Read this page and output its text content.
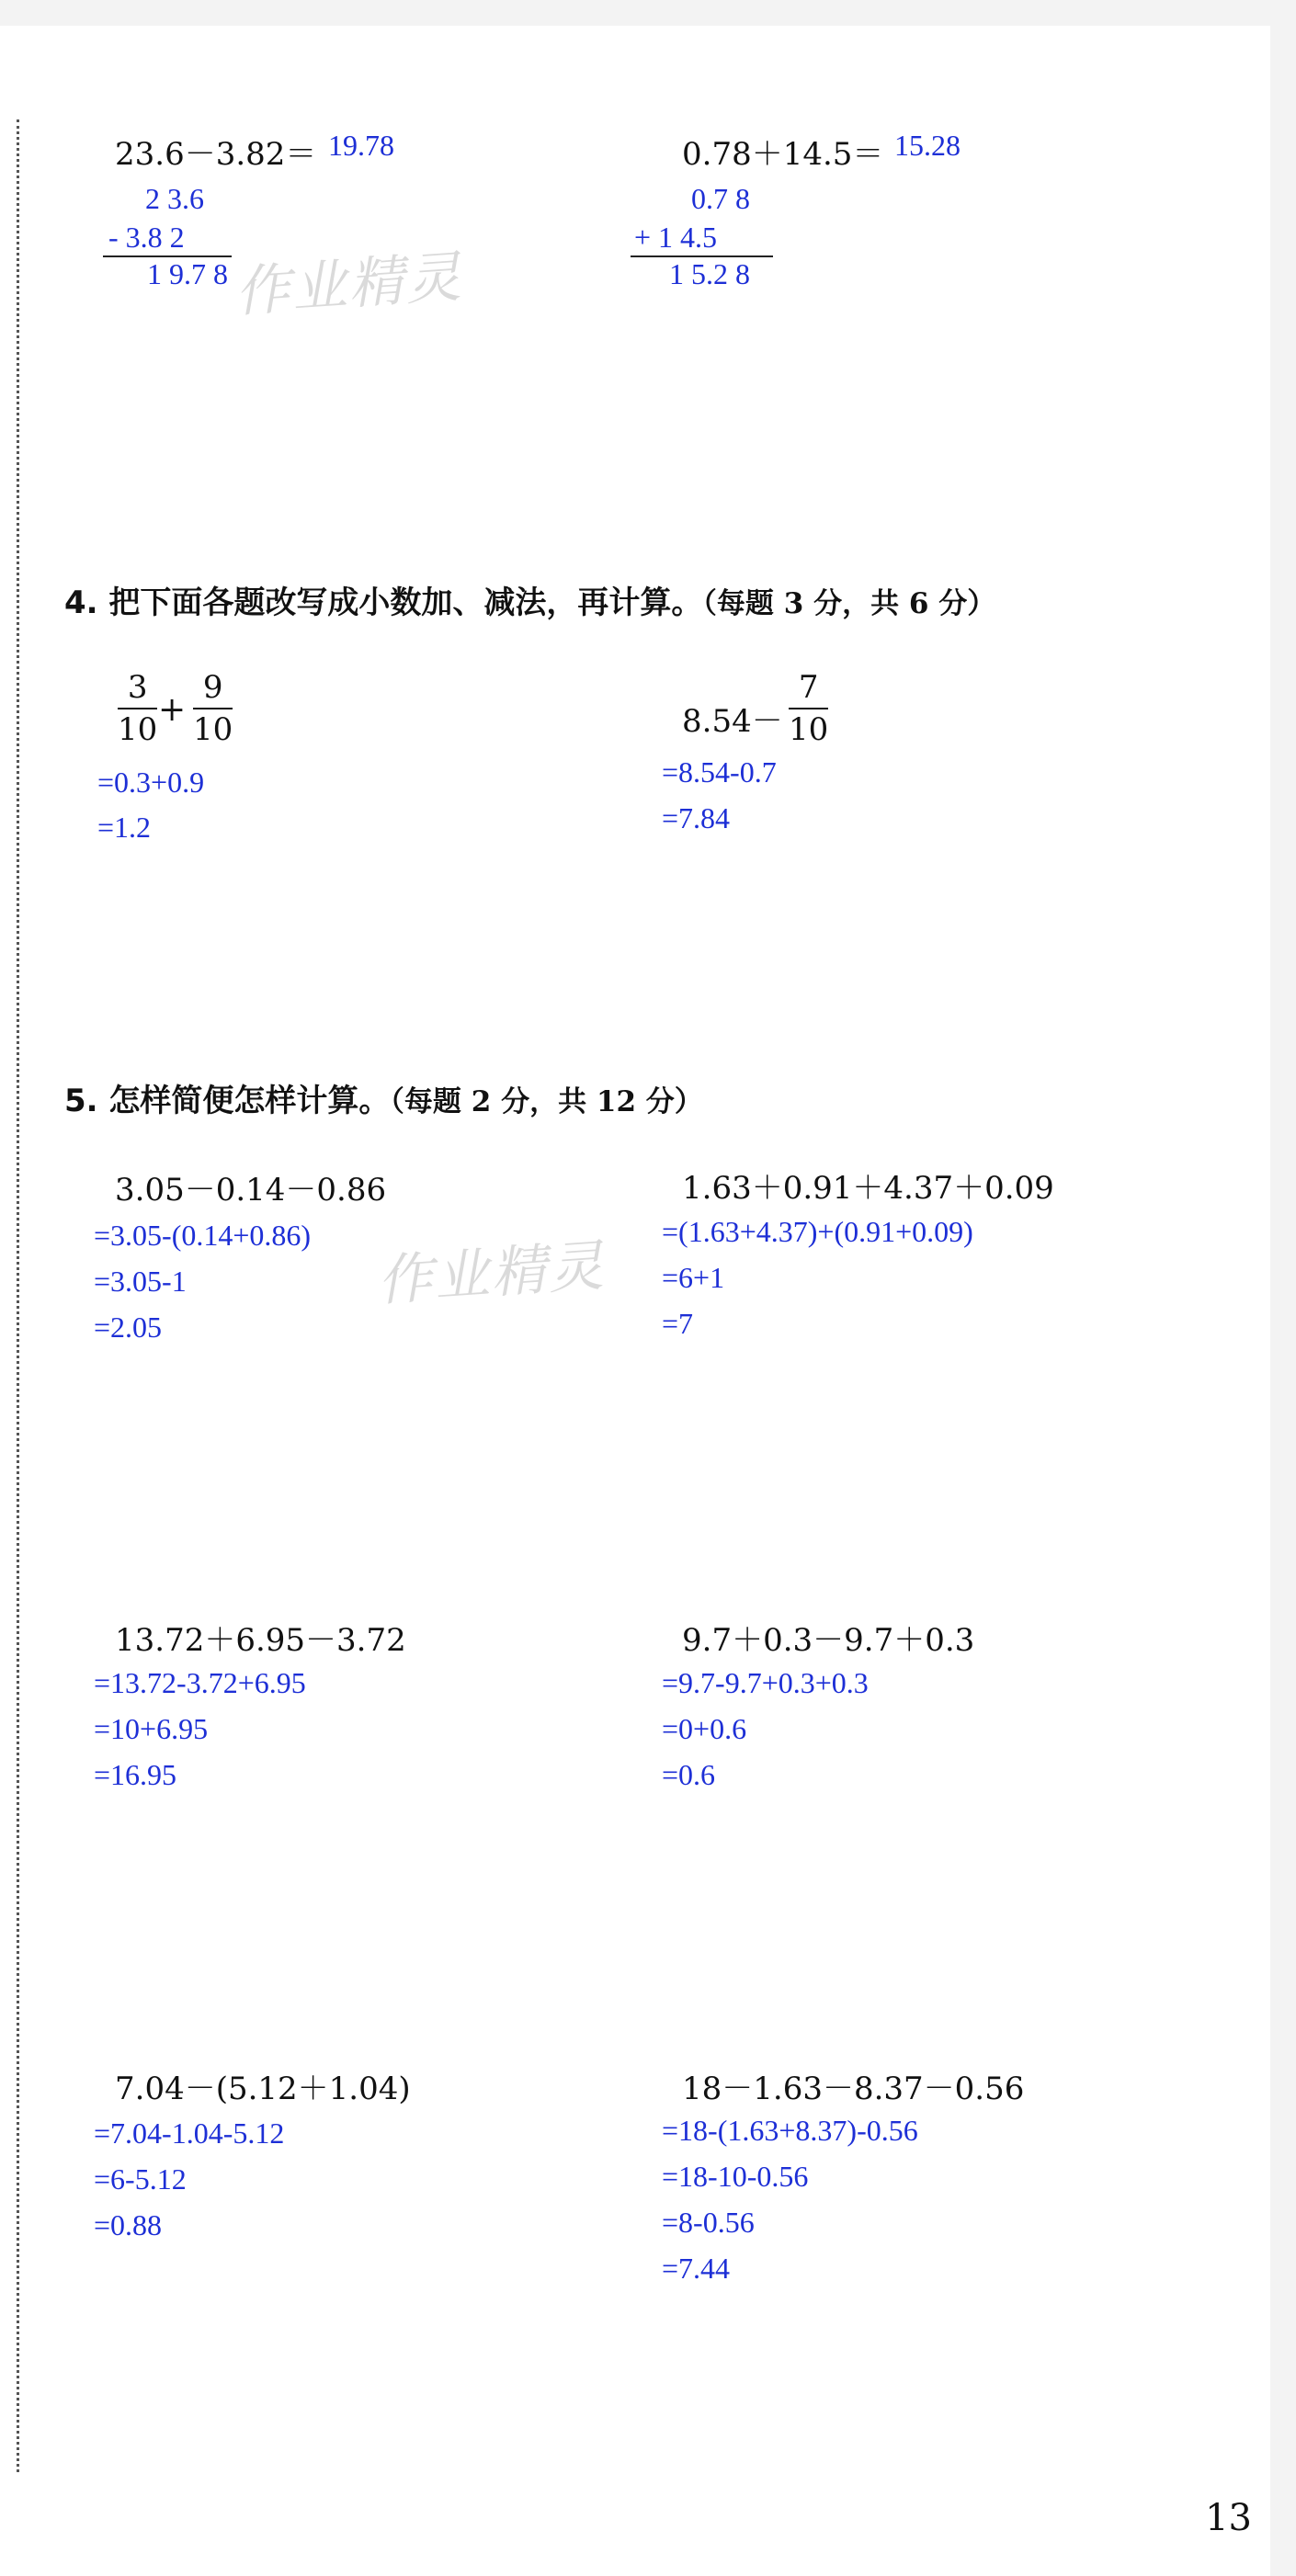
23.6－3.82＝ 19.78
2 3.6
- 3.8 2
1 9.7 8
0.78＋14.5＝ 15.28
0.7 8
+ 1 4.5
1 5.2 8
作业精灵
4. 把下面各题改写成小数加、减法，再计算。（每题 3 分，共 6 分）
3
10
+
9
10
=0.3+0.9
=1.2
8.54－
7
10
=8.54-0.7
=7.84
5. 怎样简便怎样计算。（每题 2 分，共 12 分）
3.05－0.14－0.86
=3.05-(0.14+0.86)
=3.05-1
=2.05
1.63＋0.91＋4.37＋0.09
=(1.63+4.37)+(0.91+0.09)
=6+1
=7
作业精灵
13.72＋6.95－3.72
=13.72-3.72+6.95
=10+6.95
=16.95
9.7＋0.3－9.7＋0.3
=9.7-9.7+0.3+0.3
=0+0.6
=0.6
7.04－(5.12＋1.04)
=7.04-1.04-5.12
=6-5.12
=0.88
18－1.63－8.37－0.56
=18-(1.63+8.37)-0.56
=18-10-0.56
=8-0.56
=7.44
13
